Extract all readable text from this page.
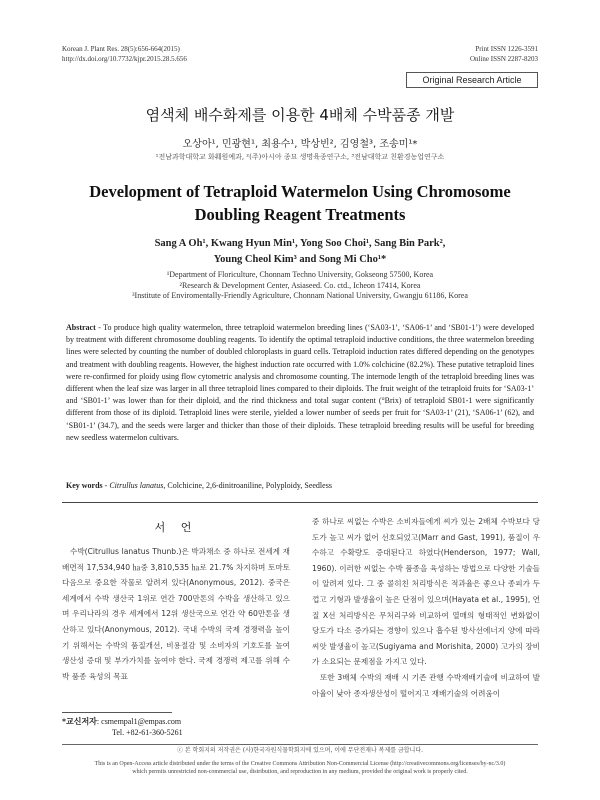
Korean J. Plant Res. 28(5):656-664(2015)
http://dx.doi.org/10.7732/kjpr.2015.28.5.656
Print ISSN 1226-3591
Online ISSN 2287-8203
Original Research Article
염색체 배수화제를 이용한 4배체 수박품종 개발
오상아¹, 민광현¹, 최용수¹, 박상빈², 김영철³, 조송미¹*
¹전남과학대학교 화훼원예과, ²(주)아시아 종묘 생명육종연구소, ³전남대학교 친환경농업연구소
Development of Tetraploid Watermelon Using Chromosome
Doubling Reagent Treatments
Sang A Oh¹, Kwang Hyun Min¹, Yong Soo Choi¹, Sang Bin Park²,
Young Cheol Kim³ and Song Mi Cho¹*
¹Department of Floriculture, Chonnam Techno University, Gokseong 57500, Korea
²Research & Development Center, Asiaseed. Co. ctd., Icheon 17414, Korea
³Institute of Enviromentally-Friendly Agriculture, Chonnam National University, Gwangju 61186, Korea
Abstract - To produce high quality watermelon, three tetraploid watermelon breeding lines (‘SA03-1’, ‘SA06-1’ and ‘SB01-1’) were developed by treatment with different chromosome doubling reagents. To identify the optimal tetraploid inductive conditions, the three watermelon breeding lines were selected by counting the number of doubled chloroplasts in guard cells. Tetraploid induction rates differed depending on the genotypes and treatment with doubling reagents. However, the highest induction rate occurred with 1.0% colchicine (82.2%). These putative tetraploid lines were re-confirmed for ploidy using flow cytometric analysis and chromosome counting. The internode length of the tetraploid breeding lines was different when the leaf size was larger in all three tetraploid lines compared to their diploids. The fruit weight of the tetraploid fruits for ‘SA03-1’ and ‘SB01-1’ was lower than for their diploid, and the rind thickness and total sugar content (°Brix) of tetraploid SB01-1 were significantly different from those of its diploid. Tetraploid lines were sterile, yielded a lower number of seeds per fruit for ‘SA03-1’ (21), ‘SA06-1’ (62), and ‘SB01-1’ (34.7), and the seeds were larger and thicker than those of their diploids. These tetraploid breeding results will be useful for breeding new seedless watermelon cultivars.
Key words - Citrullus lanatus, Colchicine, 2,6-dinitroaniline, Polyploidy, Seedless
서 언

수박(Citrullus lanatus Thunb.)은 박과채소 중 하나로 전세계 재배면적 17,534,940 ㏊중 3,810,535 ㏊로 21.7% 차지하며 토마토 다음으로 중요한 작물로 알려져 있다(Anonymous, 2012). 중국은 세계에서 수박 생산국 1위로 연간 700만톤의 수박을 생산하고 있으며 우리나라의 경우 세계에서 12위 생산국으로 연간 약 60만톤을 생산하고 있다(Anonymous, 2012). 국내 수박의 국제 경쟁력을 높이기 위해서는 수박의 품질개선, 비용절감 및 소비자의 기호도를 높여 생산성 증대 및 부가가치를 높여야 한다. 국제 경쟁력 제고를 위해 수박 품종 육성의 목표

중 하나로 씨없는 수박은 소비자들에게 씨가 있는 2배체 수박보다 당도가 높고 씨가 없어 선호되었고(Marr and Gast, 1991), 품질이 우수하고 수확량도 증대된다고 하였다(Henderson, 1977; Wall, 1960). 이러한 씨없는 수박 품종을 육성하는 방법으로 다양한 기술들이 알려져 있다. 그 중 콜히친 처리방식은 적과율은 좋으나 종피가 두껍고 기형과 발생율이 높은 단점이 있으며(Hayata et al., 1995), 연질 X선 처리방식은 무처리구와 비교하여 열매의 형태적인 변화없이 당도가 다소 증가되는 경향이 있으나 흡수된 방사선에너지 양에 따라 씨앗 발생율이 높고(Sugiyama and Morishita, 2000) 고가의 장비가 소요되는 문제점을 가지고 있다.

또한 3배체 수박의 재배 시 기존 관행 수박재배기술에 비교하여 발아율이 낮아 종자생산성이 떨어지고 재배기술의 어려움이

*교신저자: csmempal1@empas.com
Tel. +82-61-360-5261
ⓒ 본 학회지의 저작권은 (사)한국자원식물학회지에 있으며, 이에 무단전재나 복제를 금합니다.
This is an Open-Access article distributed under the terms of the Creative Commons Attribution Non-Commercial License (http://creativecommons.org/licenses/by-nc/3.0)
which permits unrestricted non-commercial use, distribution, and reproduction in any medium, provided the original work is properly cited.
